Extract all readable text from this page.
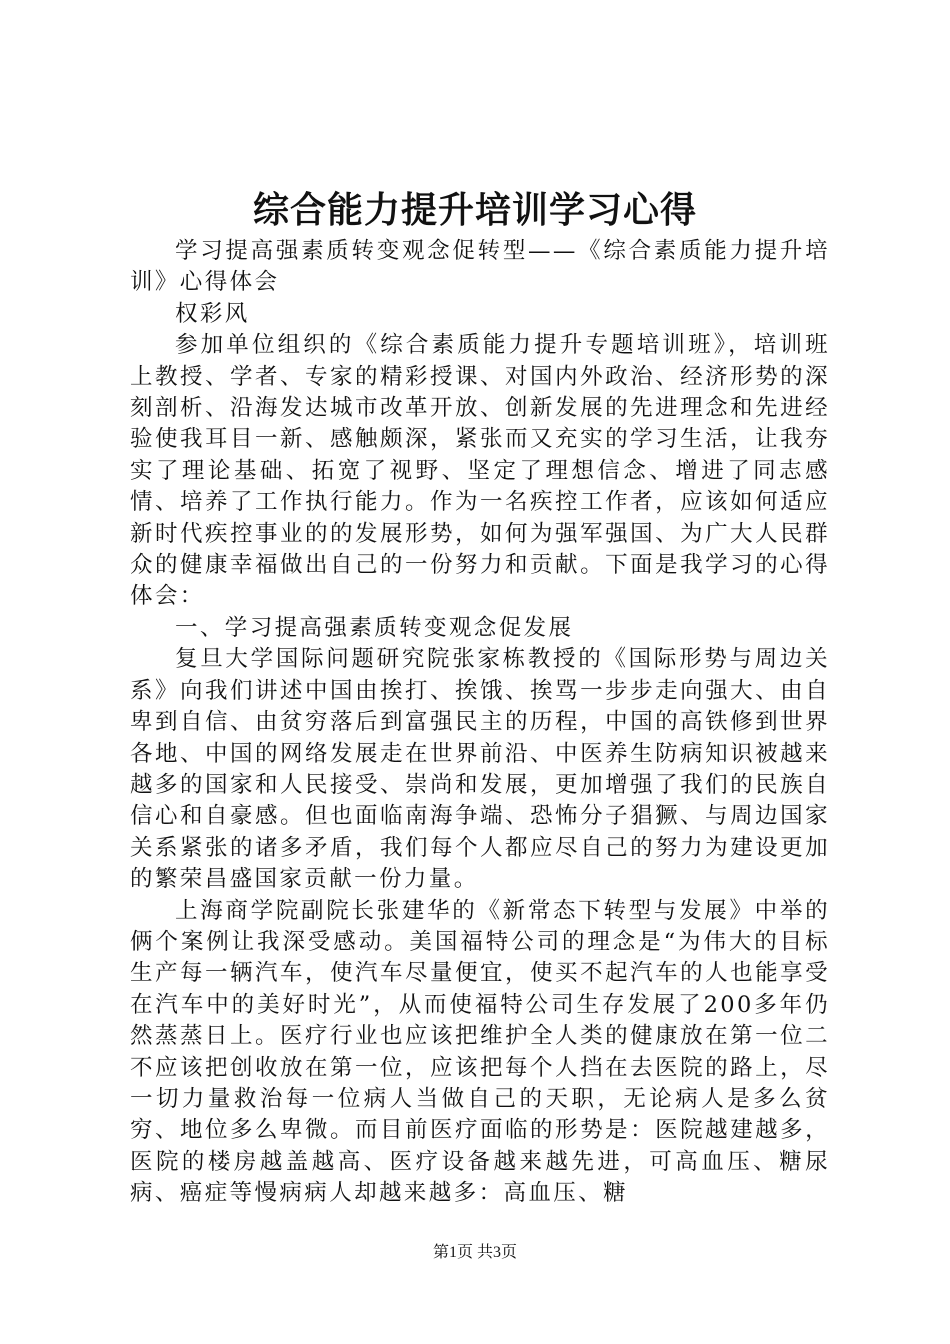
综合能力提升培训学习心得

学习提高强素质转变观念促转型——《综合素质能力提升培训》心得体会

权彩风

参加单位组织的《综合素质能力提升专题培训班》，培训班上教授、学者、专家的精彩授课、对国内外政治、经济形势的深刻剖析、沿海发达城市改革开放、创新发展的先进理念和先进经验使我耳目一新、感触颇深，紧张而又充实的学习生活，让我夯实了理论基础、拓宽了视野、坚定了理想信念、增进了同志感情、培养了工作执行能力。作为一名疾控工作者，应该如何适应新时代疾控事业的的发展形势，如何为强军强国、为广大人民群众的健康幸福做出自己的一份努力和贡献。下面是我学习的心得体会：

一、学习提高强素质转变观念促发展

复旦大学国际问题研究院张家栋教授的《国际形势与周边关系》向我们讲述中国由挨打、挨饿、挨骂一步步走向强大、由自卑到自信、由贫穷落后到富强民主的历程，中国的高铁修到世界各地、中国的网络发展走在世界前沿、中医养生防病知识被越来越多的国家和人民接受、崇尚和发展，更加增强了我们的民族自信心和自豪感。但也面临南海争端、恐怖分子猖獗、与周边国家关系紧张的诸多矛盾，我们每个人都应尽自己的努力为建设更加的繁荣昌盛国家贡献一份力量。

上海商学院副院长张建华的《新常态下转型与发展》中举的俩个案例让我深受感动。美国福特公司的理念是“为伟大的目标生产每一辆汽车，使汽车尽量便宜，使买不起汽车的人也能享受在汽车中的美好时光”，从而使福特公司生存发展了200多年仍然蒸蒸日上。医疗行业也应该把维护全人类的健康放在第一位二不应该把创收放在第一位，应该把每个人挡在去医院的路上，尽一切力量救治每一位病人当做自己的天职，无论病人是多么贫穷、地位多么卑微。而目前医疗面临的形势是：医院越建越多，医院的楼房越盖越高、医疗设备越来越先进，可高血压、糖尿病、癌症等慢病病人却越来越多：高血压、糖

第1页 共3页
